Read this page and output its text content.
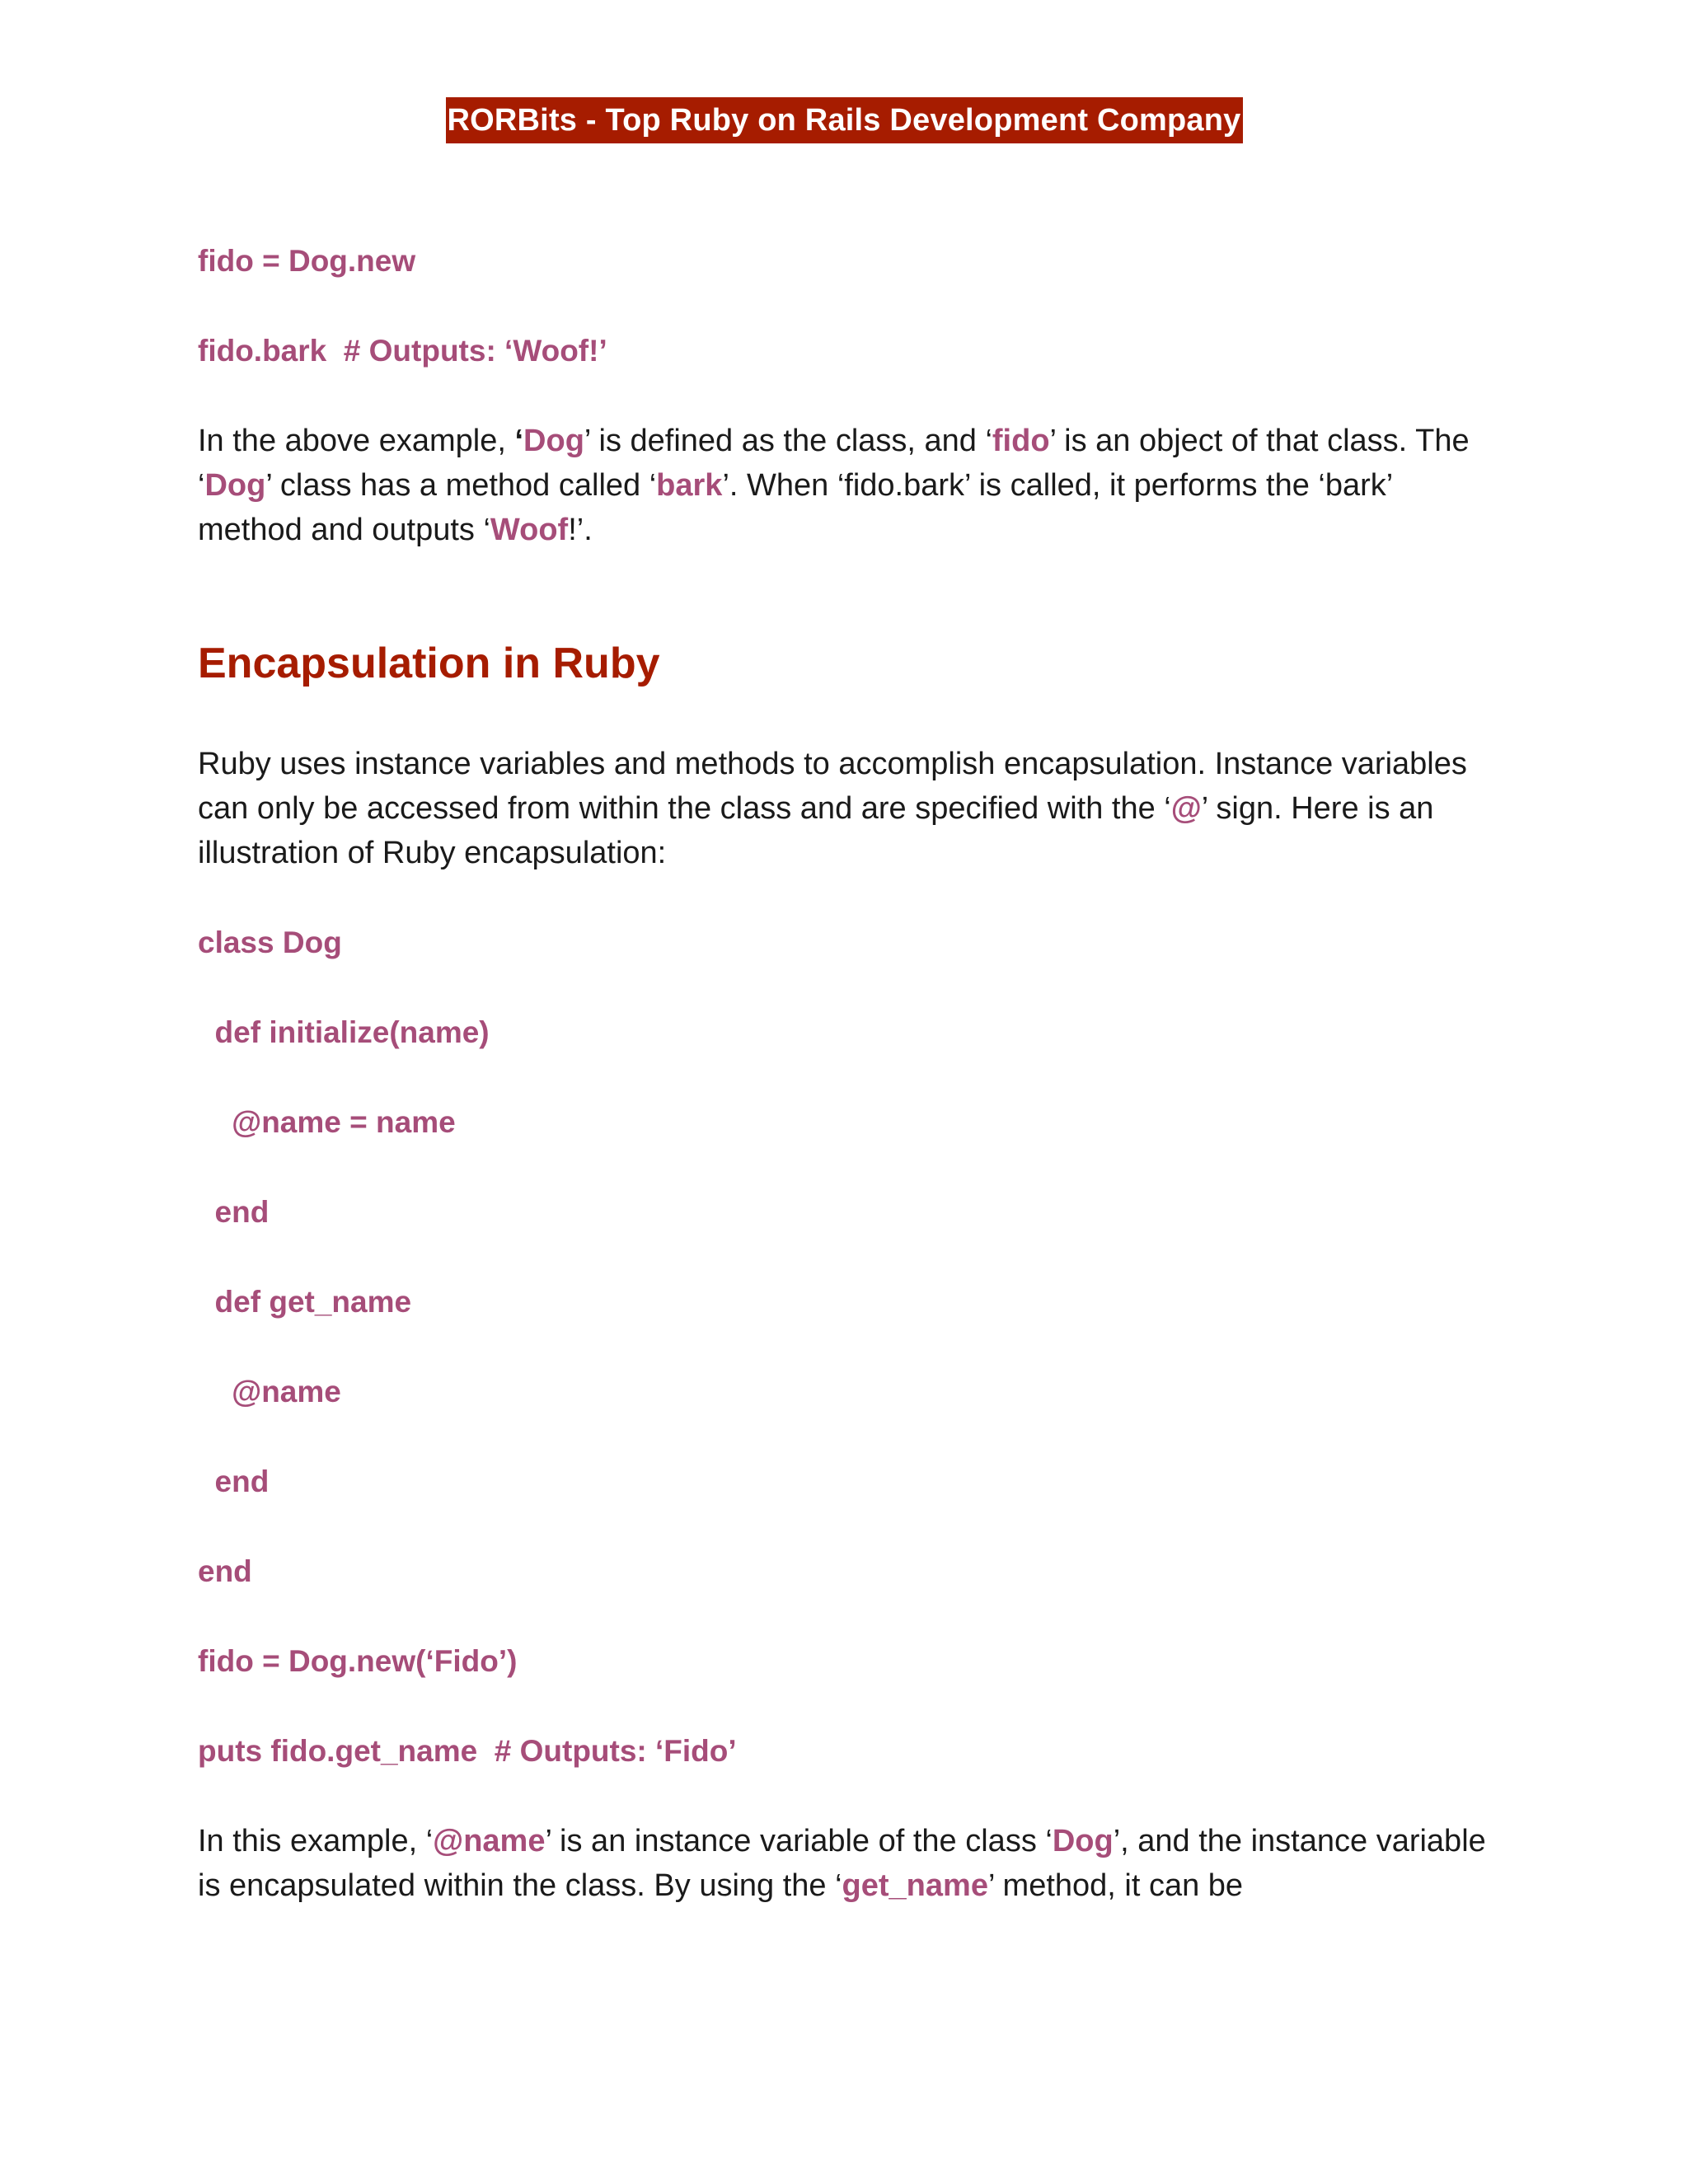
RORBits - Top Ruby on Rails Development Company
fido = Dog.new
fido.bark  # Outputs: ‘Woof!’

In the above example, ‘Dog’ is defined as the class, and ‘fido’ is an object of that class. The ‘Dog’ class has a method called ‘bark’. When ‘fido.bark’ is called, it performs the ‘bark’ method and outputs ‘Woof!’.

Encapsulation in Ruby

Ruby uses instance variables and methods to accomplish encapsulation. Instance variables can only be accessed from within the class and are specified with the ‘@’ sign. Here is an illustration of Ruby encapsulation:

class Dog
def initialize(name)
@name = name
end
def get_name
@name
end
end
fido = Dog.new(‘Fido’)
puts fido.get_name  # Outputs: ‘Fido’

In this example, ‘@name’ is an instance variable of the class ‘Dog’, and the instance variable is encapsulated within the class. By using the ‘get_name’ method, it can be
